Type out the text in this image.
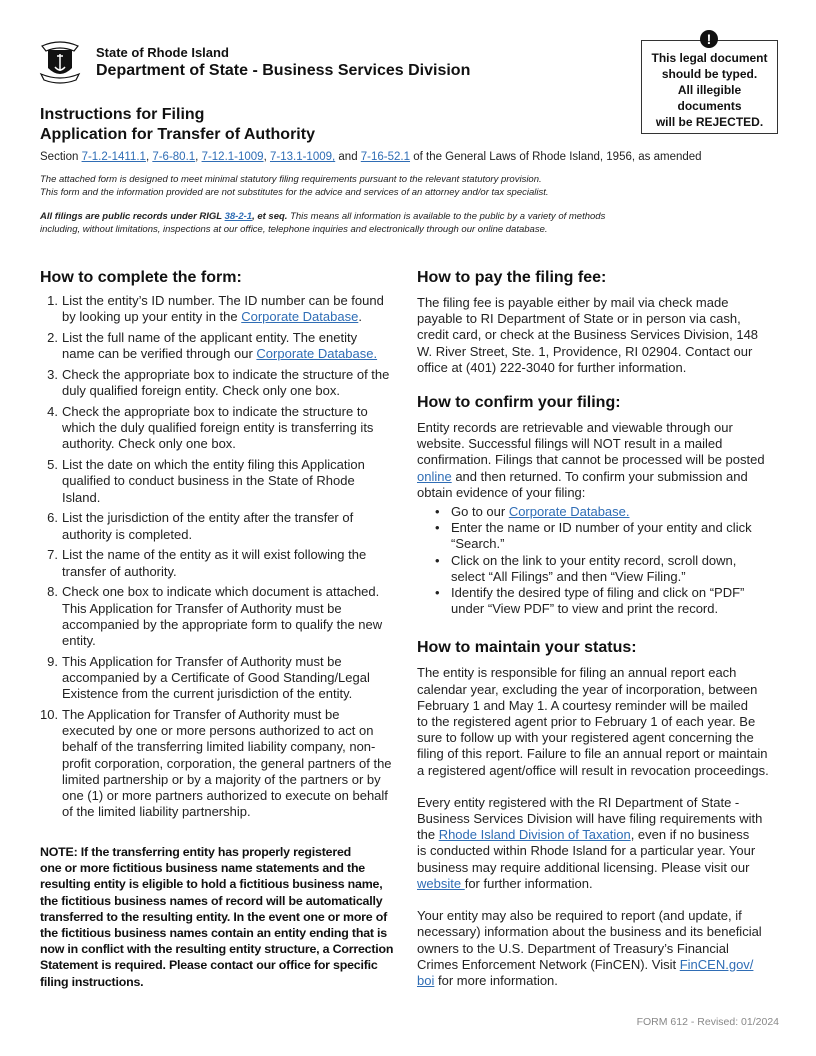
State of Rhode Island
Department of State - Business Services Division
This legal document
should be typed.
All illegible
documents
will be REJECTED.
!
Instructions for Filing
Application for Transfer of Authority
Section 7-1.2-1411.1, 7-6-80.1, 7-12.1-1009, 7-13.1-1009, and 7-16-52.1 of the General Laws of Rhode Island, 1956, as amended
The attached form is designed to meet minimal statutory filing requirements pursuant to the relevant statutory provision.
This form and the information provided are not substitutes for the advice and services of an attorney and/or tax specialist.
All filings are public records under RIGL 38-2-1, et seq. This means all information is available to the public by a variety of methods
including, without limitations, inspections at our office, telephone inquiries and electronically through our online database.
How to complete the form:
1. List the entity’s ID number. The ID number can be found
by looking up your entity in the Corporate Database.
2. List the full name of the applicant entity. The enetity
name can be verified through our Corporate Database.
3. Check the appropriate box to indicate the structure of the
duly qualified foreign entity. Check only one box.
4. Check the appropriate box to indicate the structure to
which the duly qualified foreign entity is transferring its
authority. Check only one box.
5. List the date on which the entity filing this Application
qualified to conduct business in the State of Rhode
Island.
6. List the jurisdiction of the entity after the transfer of
authority is completed.
7. List the name of the entity as it will exist following the
transfer of authority.
8. Check one box to indicate which document is attached.
This Application for Transfer of Authority must be
accompanied by the appropriate form to qualify the new
entity.
9. This Application for Transfer of Authority must be
accompanied by a Certificate of Good Standing/Legal
Existence from the current jurisdiction of the entity.
10. The Application for Transfer of Authority must be
executed by one or more persons authorized to act on
behalf of the transferring limited liability company, non-
profit corporation, corporation, the general partners of the
limited partnership or by a majority of the partners or by
one (1) or more partners authorized to execute on behalf
of the limited liability partnership.
NOTE: If the transferring entity has properly registered
one or more fictitious business name statements and the
resulting entity is eligible to hold a fictitious business name,
the fictitious business names of record will be automatically
transferred to the resulting entity. In the event one or more of
the fictitious business names contain an entity ending that is
now in conflict with the resulting entity structure, a Correction
Statement is required. Please contact our office for specific
filing instructions.
How to pay the filing fee:
The filing fee is payable either by mail via check made
payable to RI Department of State or in person via cash,
credit card, or check at the Business Services Division, 148
W. River Street, Ste. 1, Providence, RI 02904. Contact our
office at (401) 222-3040 for further information.
How to confirm your filing:
Entity records are retrievable and viewable through our
website. Successful filings will NOT result in a mailed
confirmation. Filings that cannot be processed will be posted
online and then returned. To confirm your submission and
obtain evidence of your filing:
• Go to our Corporate Database.
• Enter the name or ID number of your entity and click
“Search.”
• Click on the link to your entity record, scroll down,
select “All Filings” and then “View Filing.”
• Identify the desired type of filing and click on “PDF”
under “View PDF” to view and print the record.
How to maintain your status:
The entity is responsible for filing an annual report each
calendar year, excluding the year of incorporation, between
February 1 and May 1. A courtesy reminder will be mailed
to the registered agent prior to February 1 of each year. Be
sure to follow up with your registered agent concerning the
filing of this report. Failure to file an annual report or maintain
a registered agent/office will result in revocation proceedings.
Every entity registered with the RI Department of State -
Business Services Division will have filing requirements with
the Rhode Island Division of Taxation, even if no business
is conducted within Rhode Island for a particular year. Your
business may require additional licensing. Please visit our
website for further information.
Your entity may also be required to report (and update, if
necessary) information about the business and its beneficial
owners to the U.S. Department of Treasury’s Financial
Crimes Enforcement Network (FinCEN). Visit FinCEN.gov/
boi for more information.
FORM 612 - Revised: 01/2024
